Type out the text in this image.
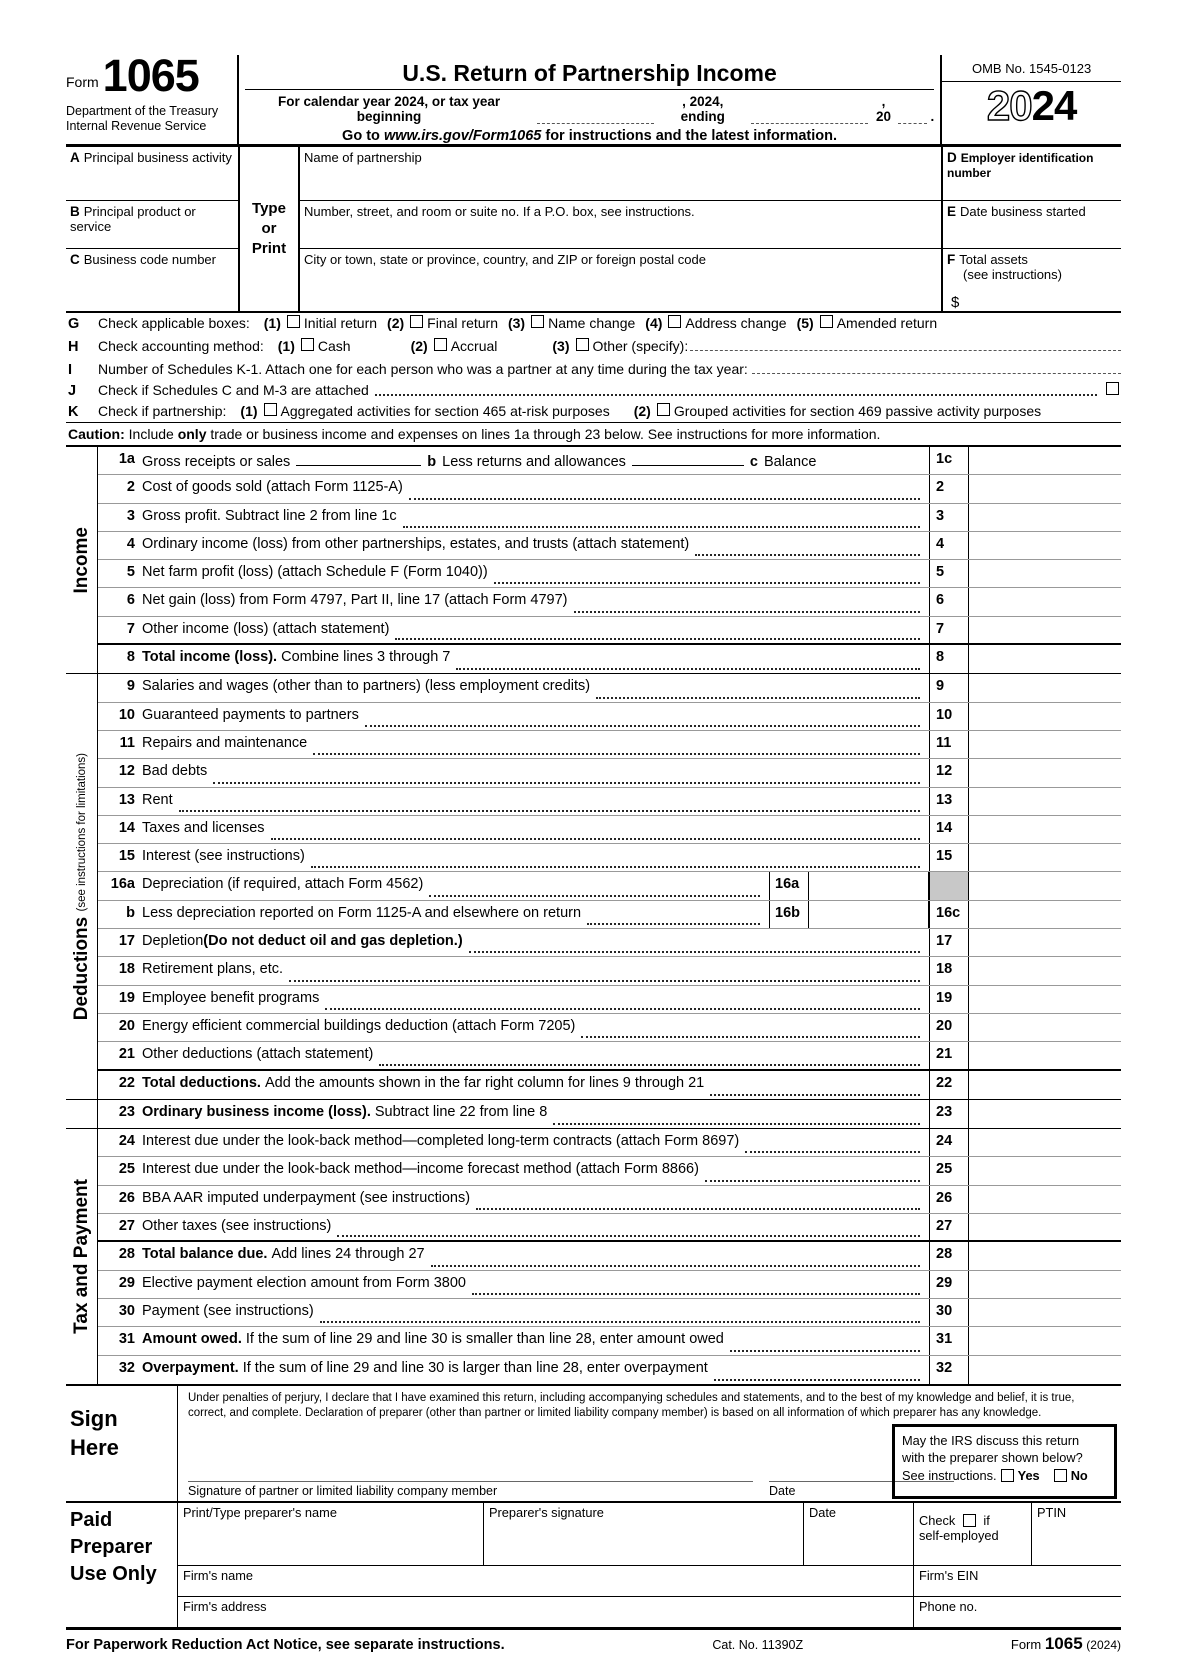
Form 1065
Department of the Treasury
Internal Revenue Service
U.S. Return of Partnership Income
For calendar year 2024, or tax year beginning
, 2024, ending
, 20	.
Go to www.irs.gov/Form1065 for instructions and the latest information.
OMB No. 1545-0123
2024
A Principal business activity
B Principal product or service
C Business code number
Type
or
Print
Name of partnership
Number, street, and room or suite no. If a P.O. box, see instructions.
City or town, state or province, country, and ZIP or foreign postal code
D Employer identification number
E Date business started
F Total assets
(see instructions)
$
G	Check applicable boxes: (1) Initial return (2) Final return (3) Name change (4) Address change (5) Amended return
H	Check accounting method: (1) Cash	(2) Accrual	(3) Other (specify):
I	Number of Schedules K-1. Attach one for each person who was a partner at any time during the tax year:
J	Check if Schedules C and M-3 are attached
K	Check if partnership: (1) Aggregated activities for section 465 at-risk purposes (2) Grouped activities for section 469 passive activity purposes
Caution: Include only trade or business income and expenses on lines 1a through 23 below. See instructions for more information.
Income
1a Gross receipts or sales	b Less returns and allowances	c Balance	1c
2 Cost of goods sold (attach Form 1125-A)	2
3 Gross profit. Subtract line 2 from line 1c	3
4 Ordinary income (loss) from other partnerships, estates, and trusts (attach statement)	4
5 Net farm profit (loss) (attach Schedule F (Form 1040))	5
6 Net gain (loss) from Form 4797, Part II, line 17 (attach Form 4797)	6
7 Other income (loss) (attach statement)	7
8 Total income (loss). Combine lines 3 through 7	8
Deductions (see instructions for limitations)
9 Salaries and wages (other than to partners) (less employment credits)	9
10 Guaranteed payments to partners	10
11 Repairs and maintenance	11
12 Bad debts	12
13 Rent	13
14 Taxes and licenses	14
15 Interest (see instructions)	15
16a Depreciation (if required, attach Form 4562)	16a
b Less depreciation reported on Form 1125-A and elsewhere on return	16b	16c
17 Depletion (Do not deduct oil and gas depletion.)	17
18 Retirement plans, etc.	18
19 Employee benefit programs	19
20 Energy efficient commercial buildings deduction (attach Form 7205)	20
21 Other deductions (attach statement)	21
22 Total deductions. Add the amounts shown in the far right column for lines 9 through 21	22
23 Ordinary business income (loss). Subtract line 22 from line 8	23
Tax and Payment
24 Interest due under the look-back method—completed long-term contracts (attach Form 8697)	24
25 Interest due under the look-back method—income forecast method (attach Form 8866)	25
26 BBA AAR imputed underpayment (see instructions)	26
27 Other taxes (see instructions)	27
28 Total balance due. Add lines 24 through 27	28
29 Elective payment election amount from Form 3800	29
30 Payment (see instructions)	30
31 Amount owed. If the sum of line 29 and line 30 is smaller than line 28, enter amount owed	31
32 Overpayment. If the sum of line 29 and line 30 is larger than line 28, enter overpayment	32
Sign
Here
Under penalties of perjury, I declare that I have examined this return, including accompanying schedules and statements, and to the best of my knowledge and belief, it is true, correct, and complete. Declaration of preparer (other than partner or limited liability company member) is based on all information of which preparer has any knowledge.
Signature of partner or limited liability company member	Date
May the IRS discuss this return
with the preparer shown below?
See instructions. Yes No
Paid
Preparer
Use Only
Print/Type preparer's name	Preparer's signature	Date
Check if
self-employed
PTIN
Firm's name	Firm's EIN
Firm's address	Phone no.
For Paperwork Reduction Act Notice, see separate instructions.	Cat. No. 11390Z	Form 1065 (2024)
